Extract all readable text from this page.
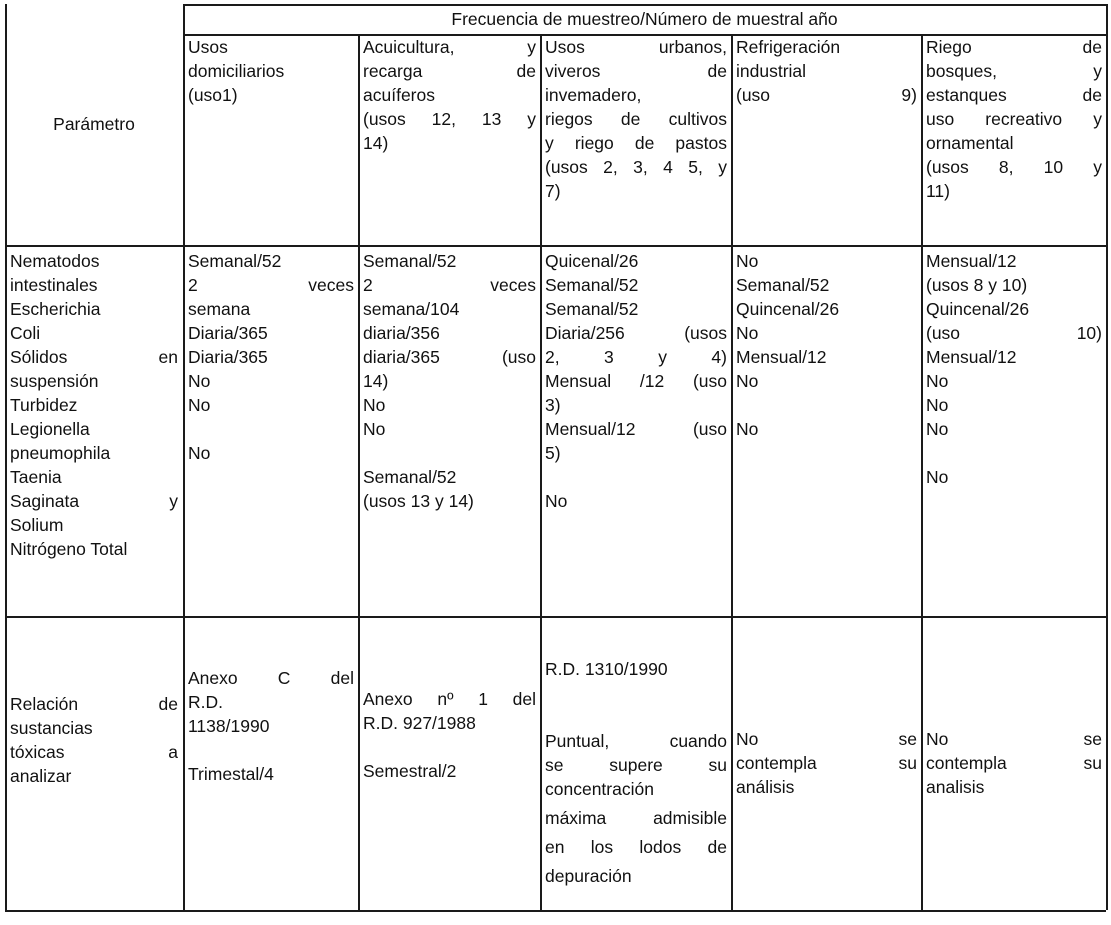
Frecuencia de muestreo/Número de muestral año
Parámetro
Usos
domiciliarios
(uso1)
Acuicultura, y
recarga de
acuíferos
(usos 12, 13 y
14)
Usos urbanos,
viveros de
invemadero,
riegos de cultivos
y riego de pastos
(usos 2, 3, 4 5, y
7)
Refrigeración
industrial
(uso 9)
Riego de
bosques, y
estanques de
uso recreativo y
ornamental
(usos 8, 10 y
11)
Nematodos
intestinales
Escherichia
Coli
Sólidos en
suspensión
Turbidez
Legionella
pneumophila
Taenia
Saginata y
Solium
Nitrógeno Total
Semanal/52
2 veces
semana
Diaria/365
Diaria/365
No
No
No
Semanal/52
2 veces
semana/104
diaria/356
diaria/365 (uso
14)
No
No
Semanal/52
(usos 13 y 14)
Quicenal/26
Semanal/52
Semanal/52
Diaria/256 (usos
2, 3 y 4)
Mensual /12 (uso
3)
Mensual/12 (uso
5)
No
No
Semanal/52
Quincenal/26
No
Mensual/12
No
No
Mensual/12
(usos 8 y 10)
Quincenal/26
(uso 10)
Mensual/12
No
No
No
No
Relación de
sustancias
tóxicas a
analizar
Anexo C del
R.D.
1138/1990
Trimestal/4
Anexo nº 1 del
R.D. 927/1988
Semestral/2
R.D. 1310/1990
Puntual, cuando
se supere su
concentración
máxima admisible
en los lodos de
depuración
No se
contempla su
análisis
No se
contempla su
analisis
